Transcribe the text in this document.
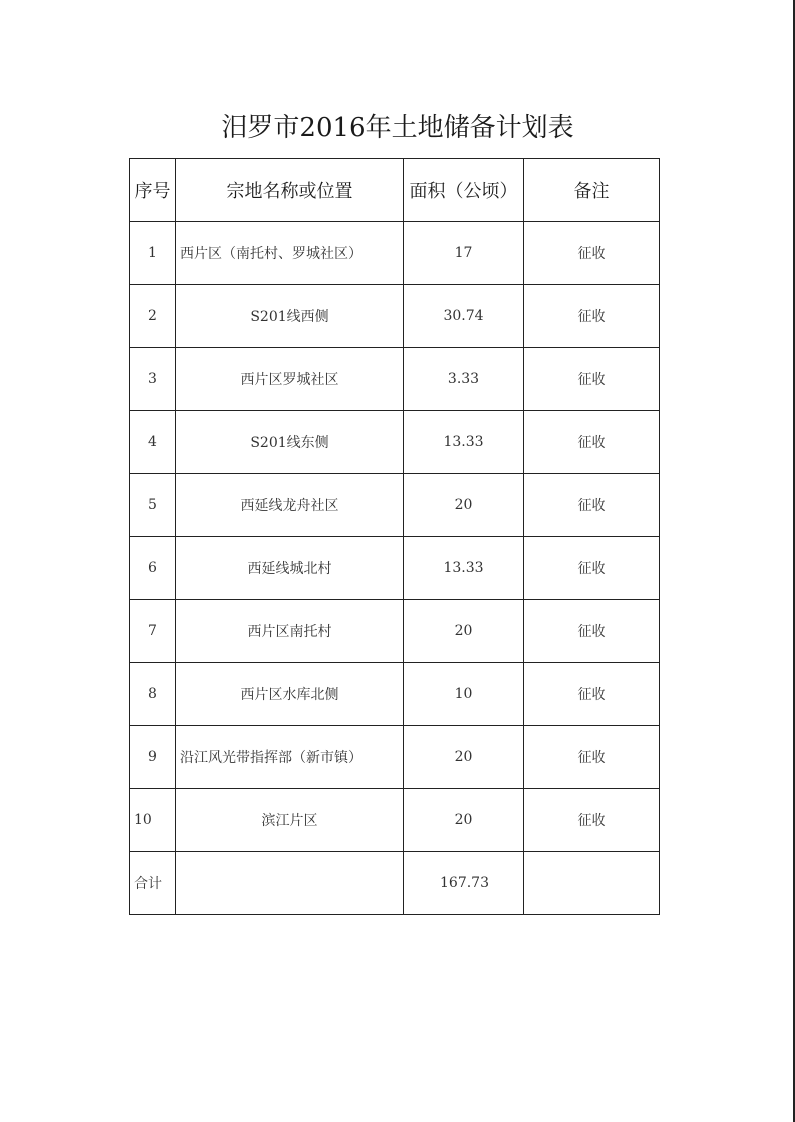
汨罗市2016年土地储备计划表
序号	宗地名称或位置	面积（公顷）	备注
1	西片区（南托村、罗城社区）	17	征收
2	S201线西侧	30.74	征收
3	西片区罗城社区	3.33	征收
4	S201线东侧	13.33	征收
5	西延线龙舟社区	20	征收
6	西延线城北村	13.33	征收
7	西片区南托村	20	征收
8	西片区水库北侧	10	征收
9	沿江风光带指挥部（新市镇）	20	征收
10	滨江片区	20	征收
合计		167.73	
